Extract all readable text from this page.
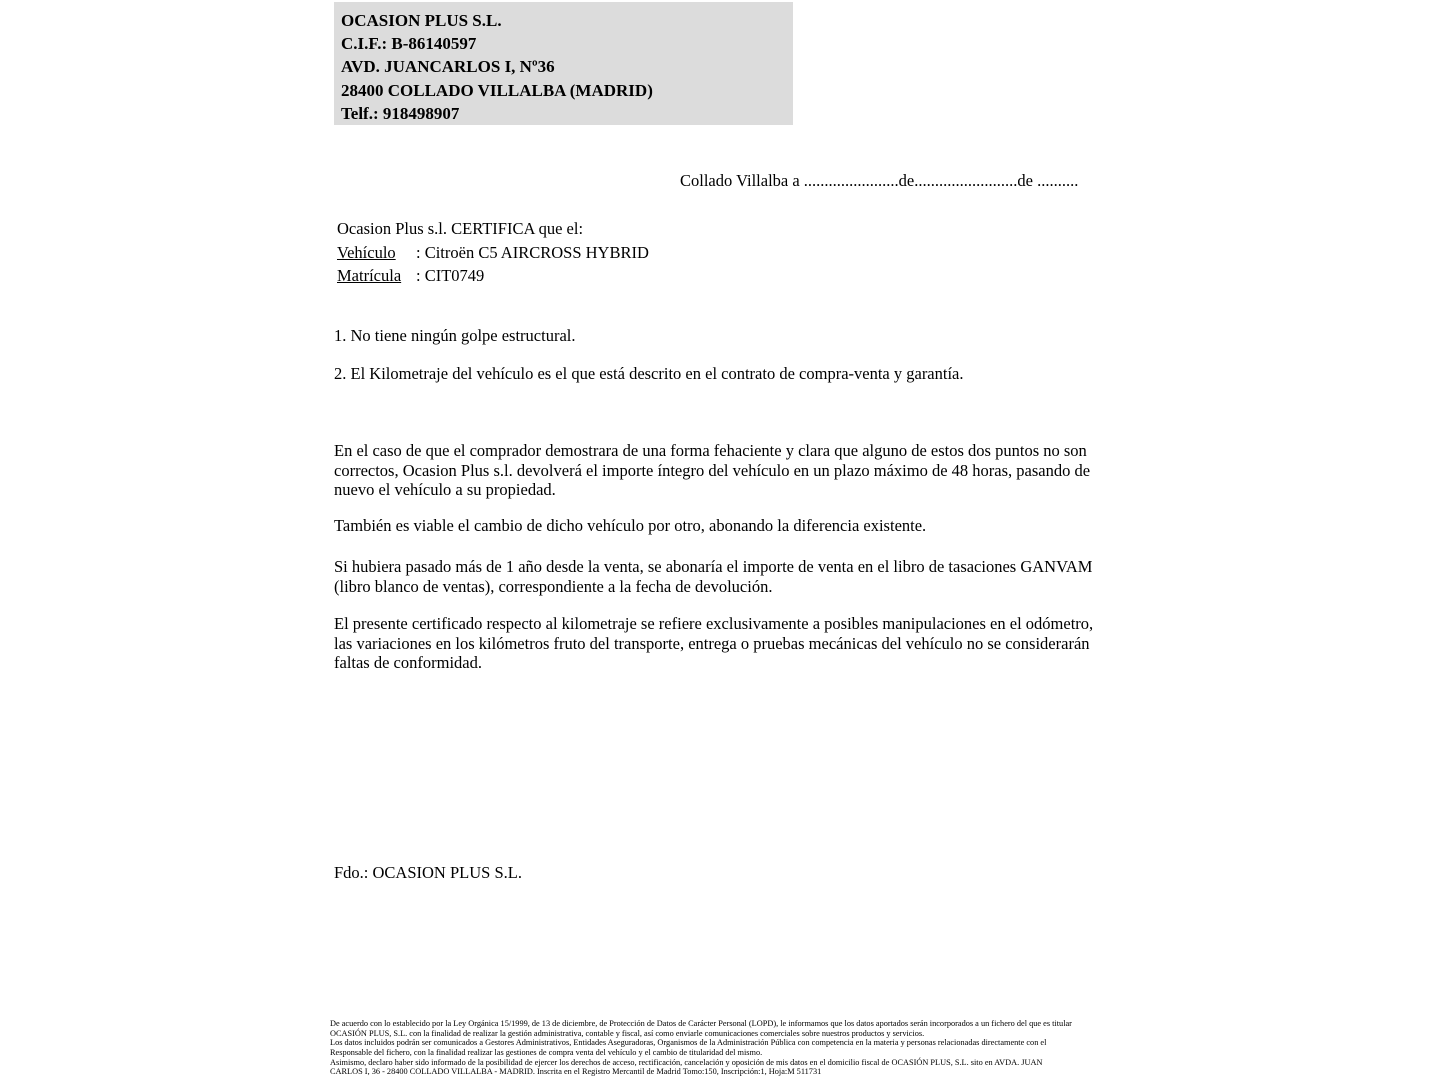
OCASION PLUS S.L.
C.I.F.: B-86140597
AVD. JUANCARLOS I, Nº36
28400 COLLADO VILLALBA (MADRID)
Telf.: 918498907
Collado Villalba a .......................de.........................de ..........
Ocasion Plus s.l. CERTIFICA que el:
Vehículo : Citroën C5 AIRCROSS HYBRID
Matrícula : CIT0749
1. No tiene ningún golpe estructural.
2. El Kilometraje del vehículo es el que está descrito en el contrato de compra-venta y garantía.
En el caso de que el comprador demostrara de una forma fehaciente y clara que alguno de estos dos puntos no son correctos, Ocasion Plus s.l. devolverá el importe íntegro del vehículo en un plazo máximo de 48 horas, pasando de nuevo el vehículo a su propiedad.
También es viable el cambio de dicho vehículo por otro, abonando la diferencia existente.
Si hubiera pasado más de 1 año desde la venta, se abonaría el importe de venta en el libro de tasaciones GANVAM (libro blanco de ventas), correspondiente a la fecha de devolución.
El presente certificado respecto al kilometraje se refiere exclusivamente a posibles manipulaciones en el odómetro, las variaciones en los kilómetros fruto del transporte, entrega o pruebas mecánicas del vehículo no se considerarán faltas de conformidad.
Fdo.: OCASION PLUS S.L.
De acuerdo con lo establecido por la Ley Orgánica 15/1999, de 13 de diciembre, de Protección de Datos de Carácter Personal (LOPD), le informamos que los datos aportados serán incorporados a un fichero del que es titular
OCASIÓN PLUS, S.L. con la finalidad de realizar la gestión administrativa, contable y fiscal, así como enviarle comunicaciones comerciales sobre nuestros productos y servicios.
Los datos incluidos podrán ser comunicados a Gestores Administrativos, Entidades Aseguradoras, Organismos de la Administración Pública con competencia en la materia y personas relacionadas directamente con el
Responsable del fichero, con la finalidad realizar las gestiones de compra venta del vehículo y el cambio de titularidad del mismo.
Asimismo, declaro haber sido informado de la posibilidad de ejercer los derechos de acceso, rectificación, cancelación y oposición de mis datos en el domicilio fiscal de OCASIÓN PLUS, S.L. sito en AVDA. JUAN
CARLOS I, 36 - 28400 COLLADO VILLALBA - MADRID. Inscrita en el Registro Mercantil de Madrid Tomo:150, Inscripción:1, Hoja:M 511731
